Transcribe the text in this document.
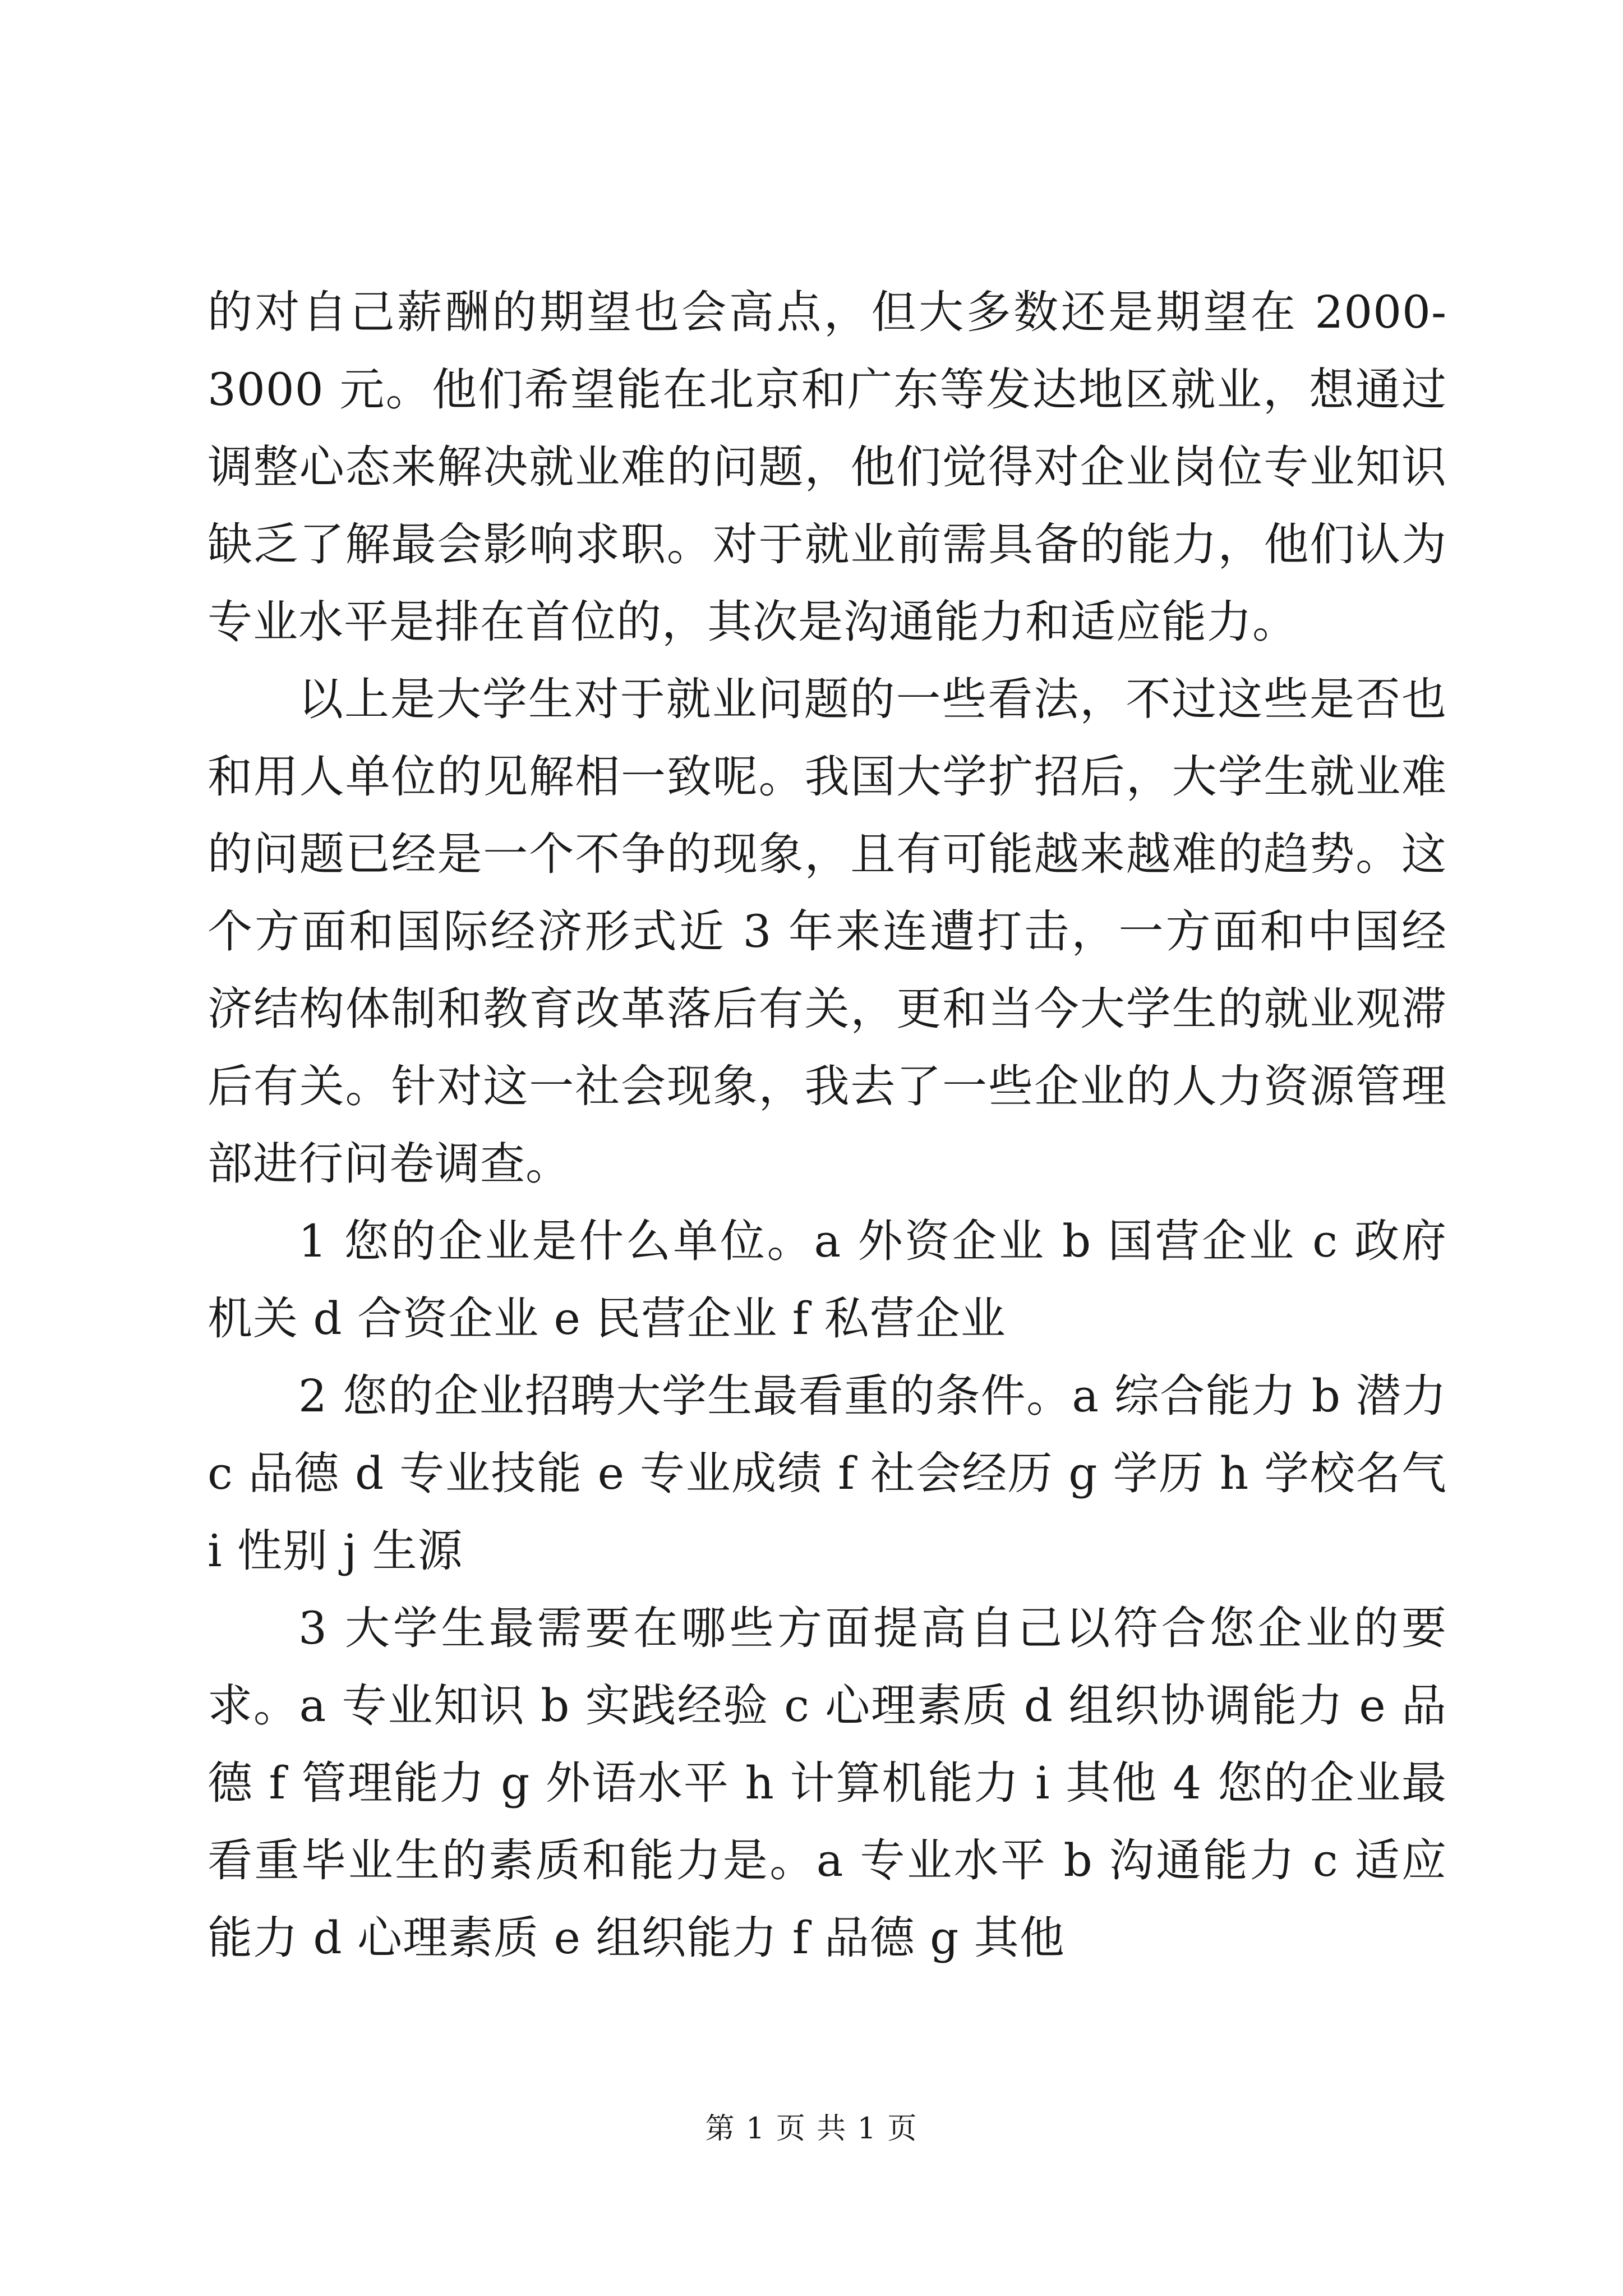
的对自己薪酬的期望也会高点，但大多数还是期望在 2000-3000 元。他们希望能在北京和广东等发达地区就业，想通过调整心态来解决就业难的问题，他们觉得对企业岗位专业知识缺乏了解最会影响求职。对于就业前需具备的能力，他们认为专业水平是排在首位的，其次是沟通能力和适应能力。

以上是大学生对于就业问题的一些看法，不过这些是否也和用人单位的见解相一致呢。我国大学扩招后，大学生就业难的问题已经是一个不争的现象，且有可能越来越难的趋势。这个方面和国际经济形式近 3 年来连遭打击，一方面和中国经济结构体制和教育改革落后有关，更和当今大学生的就业观滞后有关。针对这一社会现象，我去了一些企业的人力资源管理部进行问卷调查。

1 您的企业是什么单位。a 外资企业 b 国营企业 c 政府机关 d 合资企业 e 民营企业 f 私营企业

2 您的企业招聘大学生最看重的条件。a 综合能力 b 潜力 c 品德 d 专业技能 e 专业成绩 f 社会经历 g 学历 h 学校名气 i 性别 j 生源

3 大学生最需要在哪些方面提高自己以符合您企业的要求。a 专业知识 b 实践经验 c 心理素质 d 组织协调能力 e 品德 f 管理能力 g 外语水平 h 计算机能力 i 其他 4 您的企业最看重毕业生的素质和能力是。a 专业水平 b 沟通能力 c 适应能力 d 心理素质 e 组织能力 f 品德 g 其他

第 1 页 共 1 页
